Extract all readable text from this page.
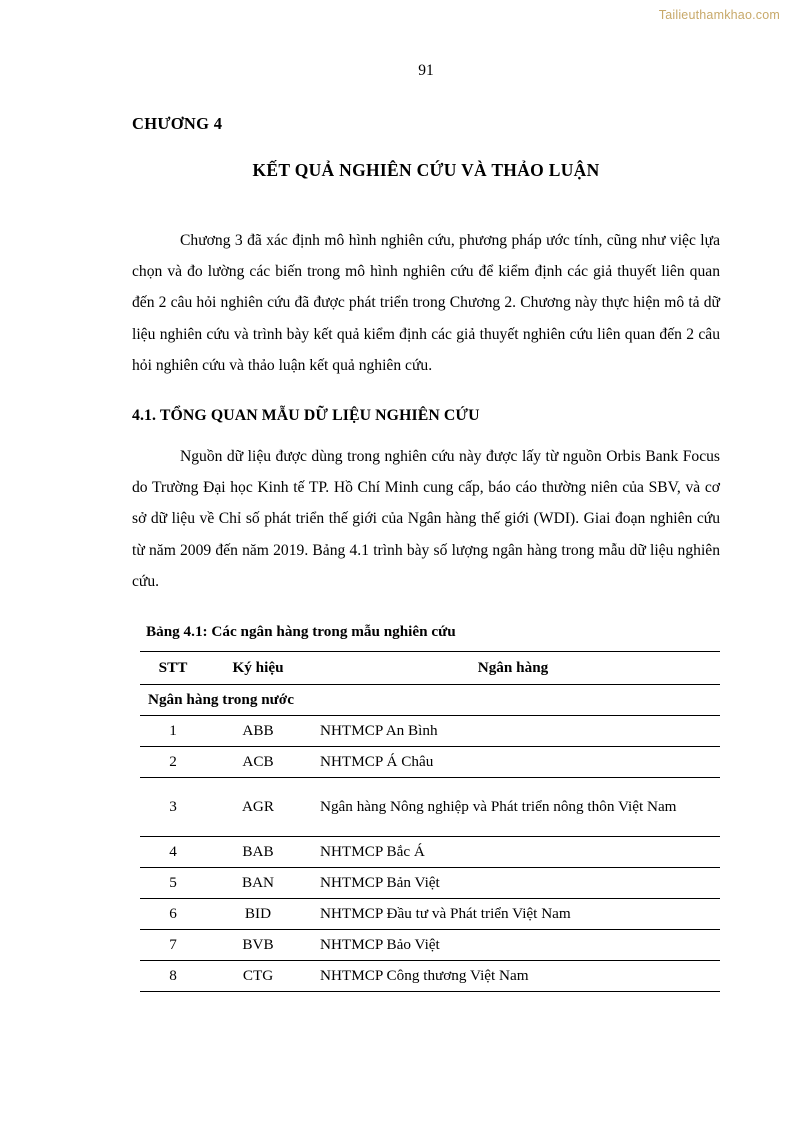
Tailieuthamkhao.com
91
CHƯƠNG 4
KẾT QUẢ NGHIÊN CỨU VÀ THẢO LUẬN

Chương 3 đã xác định mô hình nghiên cứu, phương pháp ước tính, cũng như việc lựa chọn và đo lường các biến trong mô hình nghiên cứu để kiểm định các giả thuyết liên quan đến 2 câu hỏi nghiên cứu đã được phát triển trong Chương 2. Chương này thực hiện mô tả dữ liệu nghiên cứu và trình bày kết quả kiểm định các giả thuyết nghiên cứu liên quan đến 2 câu hỏi nghiên cứu và thảo luận kết quả nghiên cứu.

4.1. TỔNG QUAN MẪU DỮ LIỆU NGHIÊN CỨU

Nguồn dữ liệu được dùng trong nghiên cứu này được lấy từ nguồn Orbis Bank Focus do Trường Đại học Kinh tế TP. Hồ Chí Minh cung cấp, báo cáo thường niên của SBV, và cơ sở dữ liệu về Chỉ số phát triển thế giới của Ngân hàng thế giới (WDI). Giai đoạn nghiên cứu từ năm 2009 đến năm 2019. Bảng 4.1 trình bày số lượng ngân hàng trong mẫu dữ liệu nghiên cứu.

Bảng 4.1: Các ngân hàng trong mẫu nghiên cứu
STT	Ký hiệu	Ngân hàng
Ngân hàng trong nước		
1	ABB	NHTMCP An Bình
2	ACB	NHTMCP Á Châu
3	AGR	Ngân hàng Nông nghiệp và Phát triển nông thôn Việt Nam
4	BAB	NHTMCP Bắc Á
5	BAN	NHTMCP Bản Việt
6	BID	NHTMCP Đầu tư và Phát triển Việt Nam
7	BVB	NHTMCP Bảo Việt
8	CTG	NHTMCP Công thương Việt Nam
